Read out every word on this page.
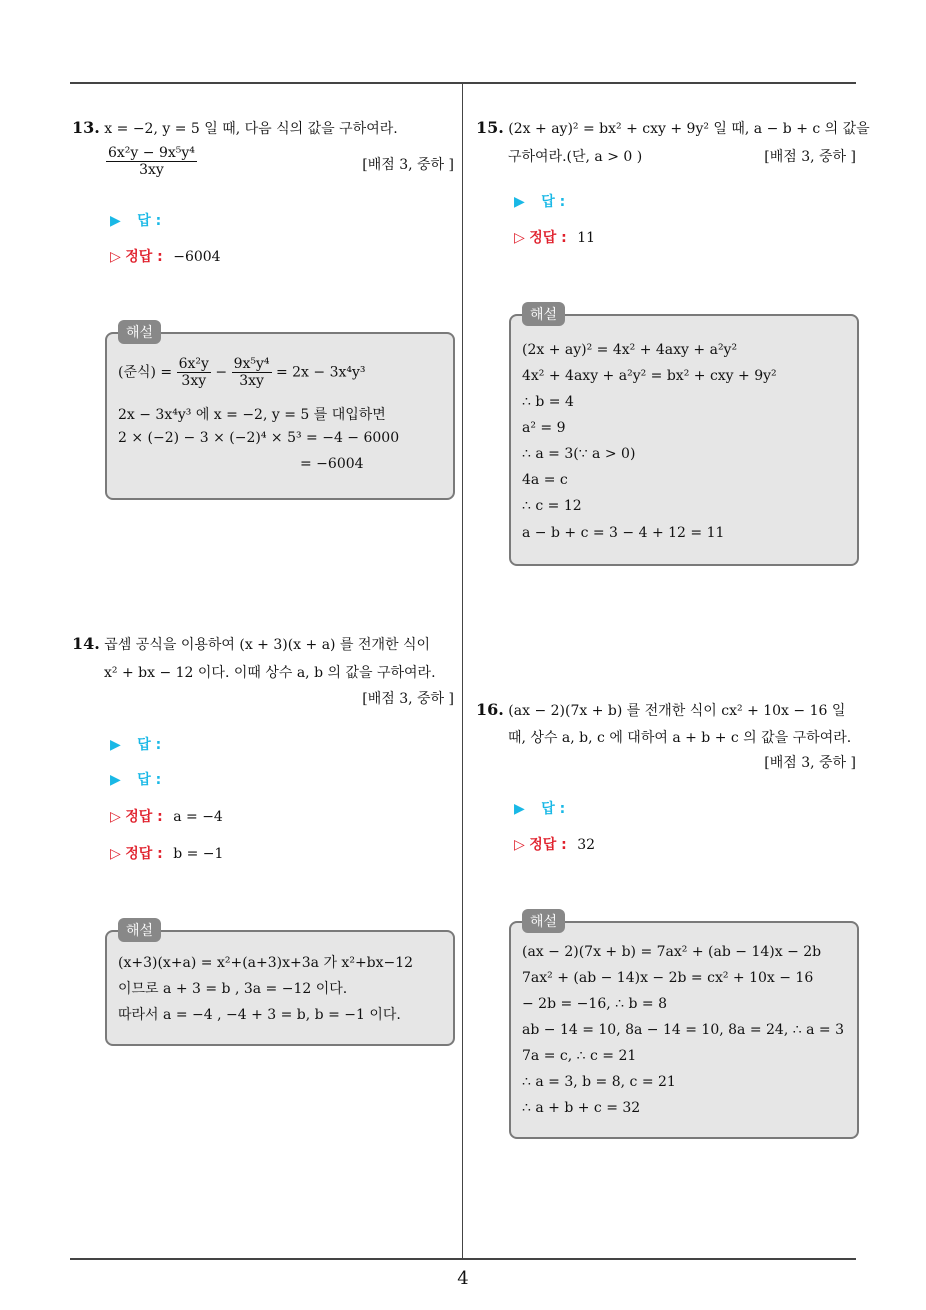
4
13. x = −2, y = 5 일 때, 다음 식의 값을 구하여라.
$\frac{\text{6x²y − 9x⁵y⁴}}{3xy}$	[배점 3, 중하 ]
▶ 답 :
▷ 정답 : −6004
해설
(준식) = $\frac{\text{6x²y}}{3xy} - \frac{\text{9x⁵y⁴}}{3xy} = 2x - 3x^4y^3$
2x − 3x⁴y³ 에 x = −2, y = 5 를 대입하면
2 × (−2) − 3 × (−2)⁴ × 5³ = −4 − 6000
= −6004
14. 곱셈 공식을 이용하여 (x + 3)(x + a) 를 전개한 식이
x² + bx − 12 이다. 이때 상수 a, b 의 값을 구하여라.
[배점 3, 중하 ]
▶ 답 :
▶ 답 :
▷ 정답 : a = −4
▷ 정답 : b = −1
해설
(x+3)(x+a) = x²+(a+3)x+3a 가 x²+bx−12
이므로 a + 3 = b , 3a = −12 이다.
따라서 a = −4 , −4 + 3 = b, b = −1 이다.
15. (2x + ay)² = bx² + cxy + 9y² 일 때, a − b + c 의 값을
구하여라.(단, a > 0 )	[배점 3, 중하 ]
▶ 답 :
▷ 정답 : 11
해설
(2x + ay)² = 4x² + 4axy + a²y²
4x² + 4axy + a²y² = bx² + cxy + 9y²
∴ b = 4
a² = 9
∴ a = 3(∵ a > 0)
4a = c
∴ c = 12
a − b + c = 3 − 4 + 12 = 11
16. (ax − 2)(7x + b) 를 전개한 식이 cx² + 10x − 16 일
때, 상수 a, b, c 에 대하여 a + b + c 의 값을 구하여라.
[배점 3, 중하 ]
▶ 답 :
▷ 정답 : 32
해설
(ax − 2)(7x + b) = 7ax² + (ab − 14)x − 2b
7ax² + (ab − 14)x − 2b = cx² + 10x − 16
− 2b = −16, ∴ b = 8
ab − 14 = 10, 8a − 14 = 10, 8a = 24, ∴ a = 3
7a = c, ∴ c = 21
∴ a = 3, b = 8, c = 21
∴ a + b + c = 32
